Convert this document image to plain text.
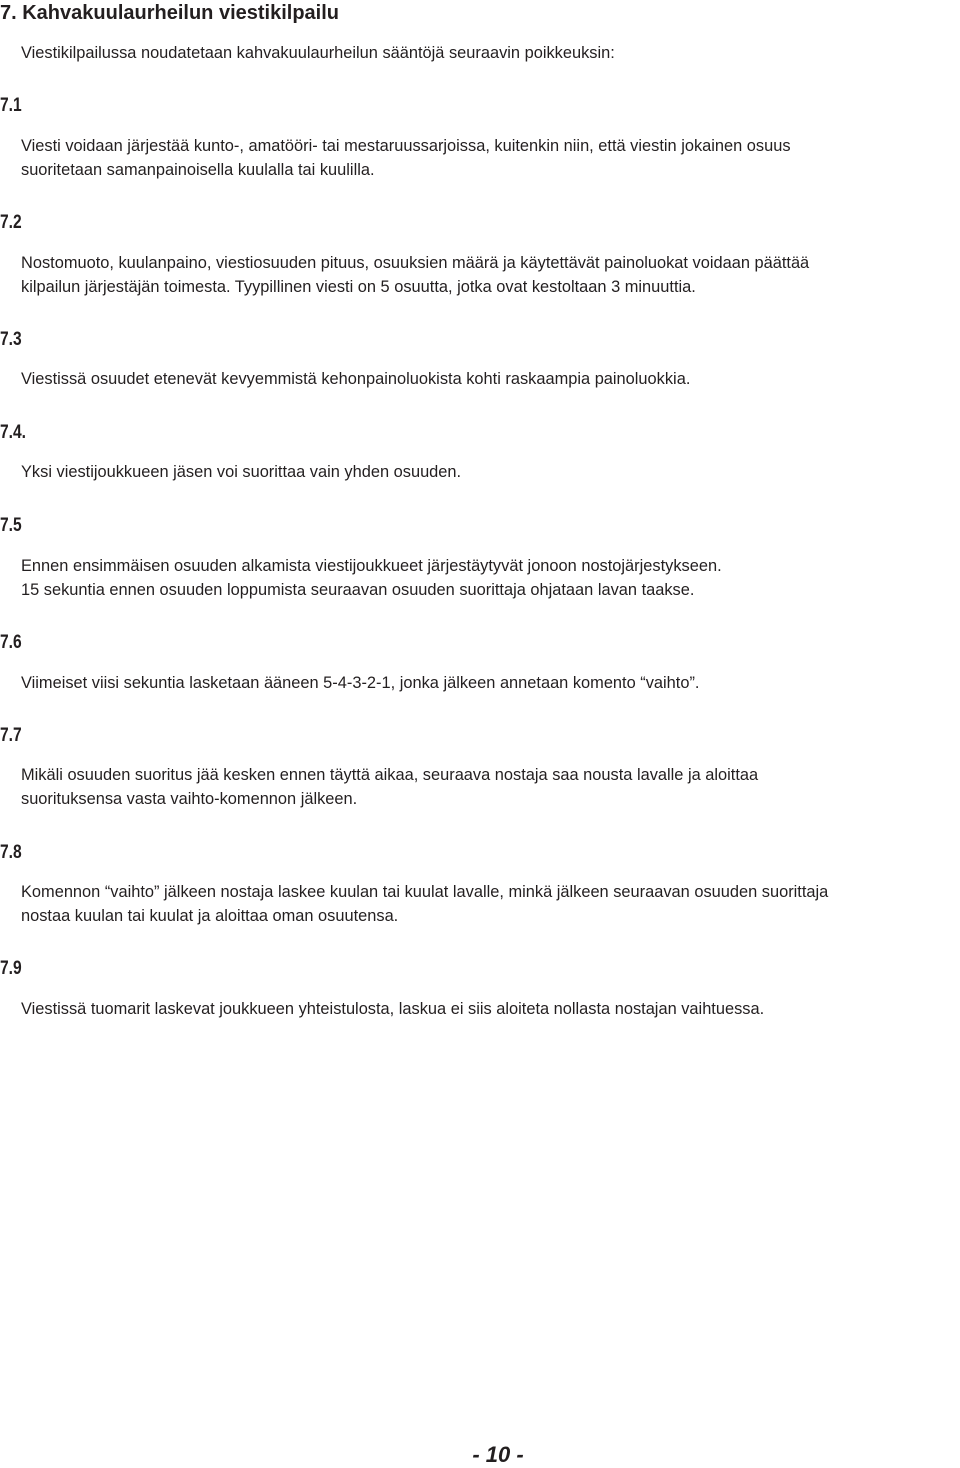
7. Kahvakuulaurheilun viestikilpailu
Viestikilpailussa noudatetaan kahvakuulaurheilun sääntöjä seuraavin poikkeuksin:
7.1
Viesti voidaan järjestää kunto-, amatööri- tai mestaruussarjoissa, kuitenkin niin, että viestin jokainen osuus
suoritetaan samanpainoisella kuulalla tai kuulilla.
7.2
Nostomuoto, kuulanpaino, viestiosuuden pituus, osuuksien määrä ja käytettävät painoluokat voidaan päättää
kilpailun järjestäjän toimesta. Tyypillinen viesti on 5 osuutta, jotka ovat kestoltaan 3 minuuttia.
7.3
Viestissä osuudet etenevät kevyemmistä kehonpainoluokista kohti raskaampia painoluokkia.
7.4.
Yksi viestijoukkueen jäsen voi suorittaa vain yhden osuuden.
7.5
Ennen ensimmäisen osuuden alkamista viestijoukkueet järjestäytyvät jonoon nostojärjestykseen.
15 sekuntia ennen osuuden loppumista seuraavan osuuden suorittaja ohjataan lavan taakse.
7.6
Viimeiset viisi sekuntia lasketaan ääneen 5-4-3-2-1, jonka jälkeen annetaan komento “vaihto”.
7.7
Mikäli osuuden suoritus jää kesken ennen täyttä aikaa, seuraava nostaja saa nousta lavalle ja aloittaa
suorituksensa vasta vaihto-komennon jälkeen.
7.8
Komennon “vaihto” jälkeen nostaja laskee kuulan tai kuulat lavalle, minkä jälkeen seuraavan osuuden suorittaja
nostaa kuulan tai kuulat ja aloittaa oman osuutensa.
7.9
Viestissä tuomarit laskevat joukkueen yhteistulosta, laskua ei siis aloiteta nollasta nostajan vaihtuessa.
- 10 -
